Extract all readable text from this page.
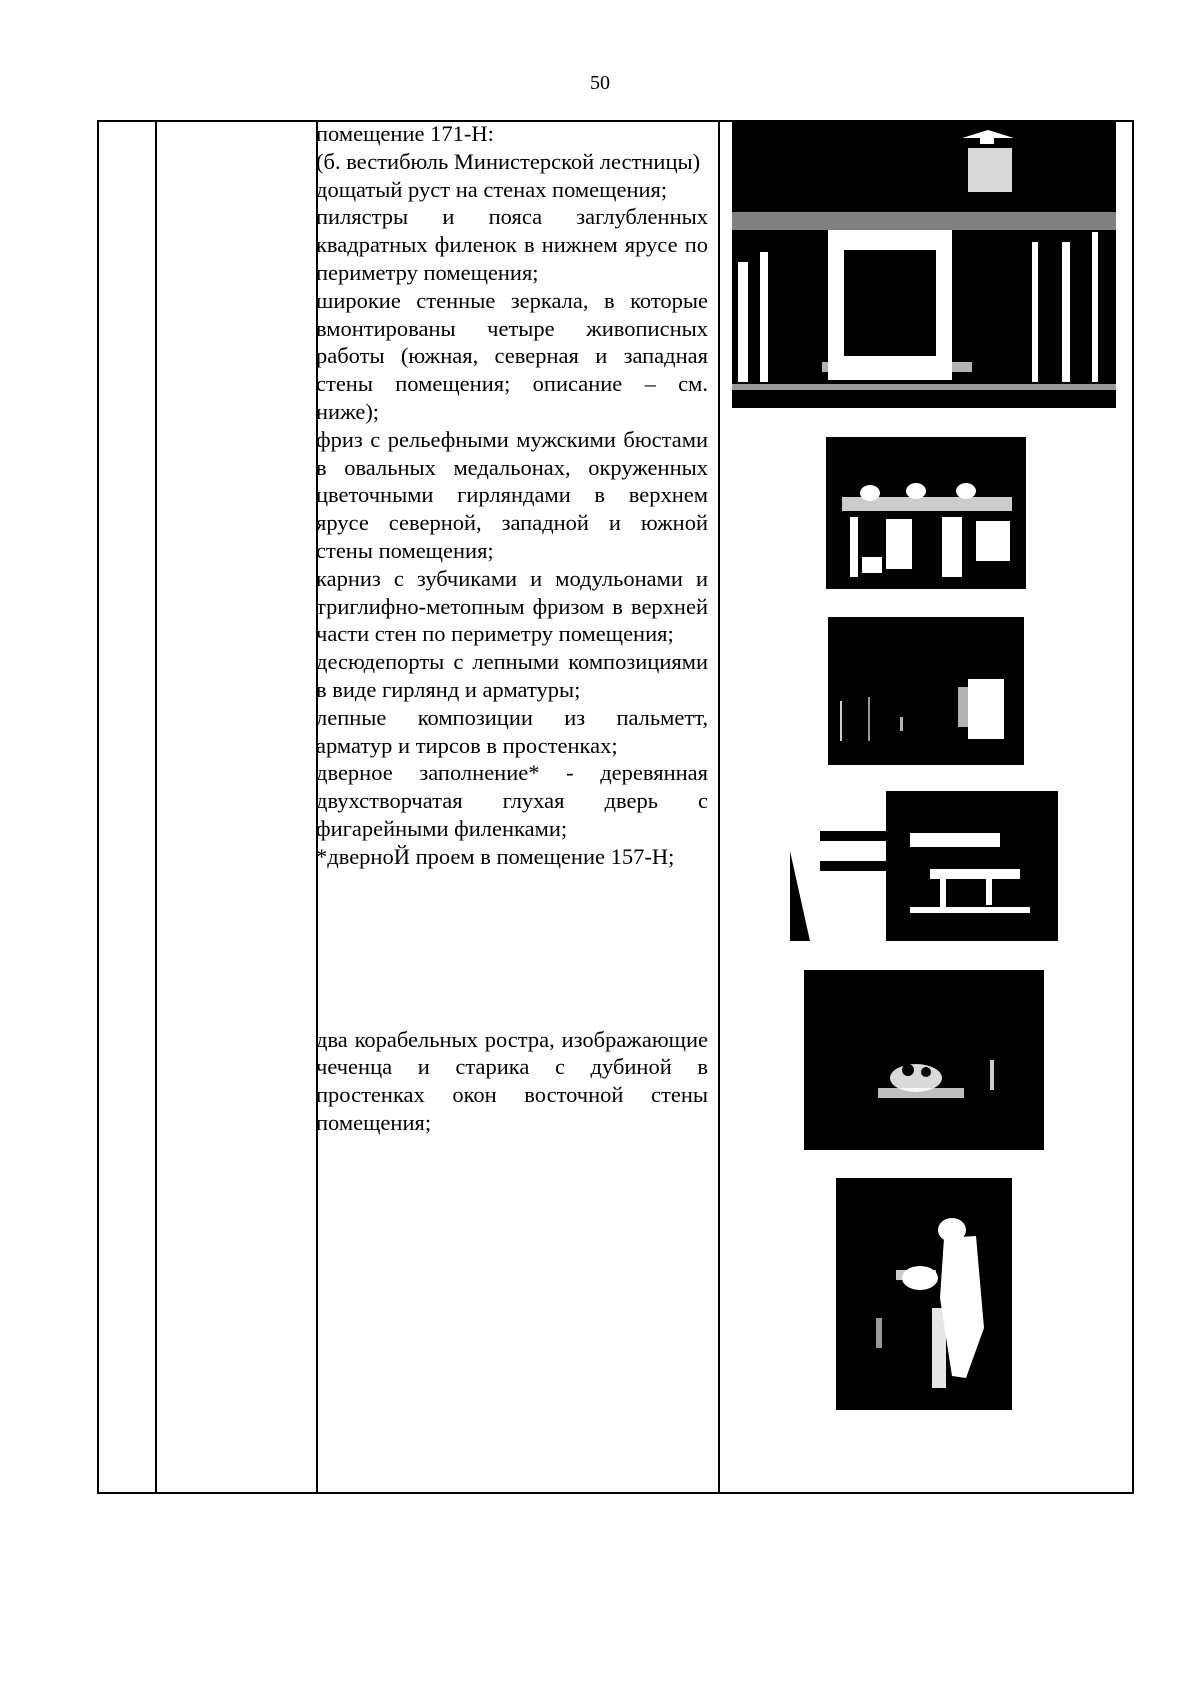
50

помещение 171-Н:

(б. вестибюль Министерской лестницы)

дощатый руст на стенах помещения;

пилястры и пояса заглубленных квадратных филенок в нижнем ярусе по периметру помещения;

широкие стенные зеркала, в которые вмонтированы четыре живописных работы (южная, северная и западная стены помещения; описание – см. ниже);

фриз с рельефными мужскими бюстами в овальных медальонах, окруженных цветочными гирляндами в верхнем ярусе северной, западной и южной стены помещения;

карниз с зубчиками и модульонами и триглифно-метопным фризом в верхней части стен по периметру помещения;

десюдепорты с лепными композициями в виде гирлянд и арматуры;

лепные композиции из пальметт, арматур и тирсов в простенках;

дверное заполнение* - деревянная двухстворчатая глухая дверь с фигарейными филенками;

*дверноЙ проем в помещение 157-Н;

два корабельных ростра, изображающие чеченца и старика с дубиной в простенках окон восточной стены помещения;
